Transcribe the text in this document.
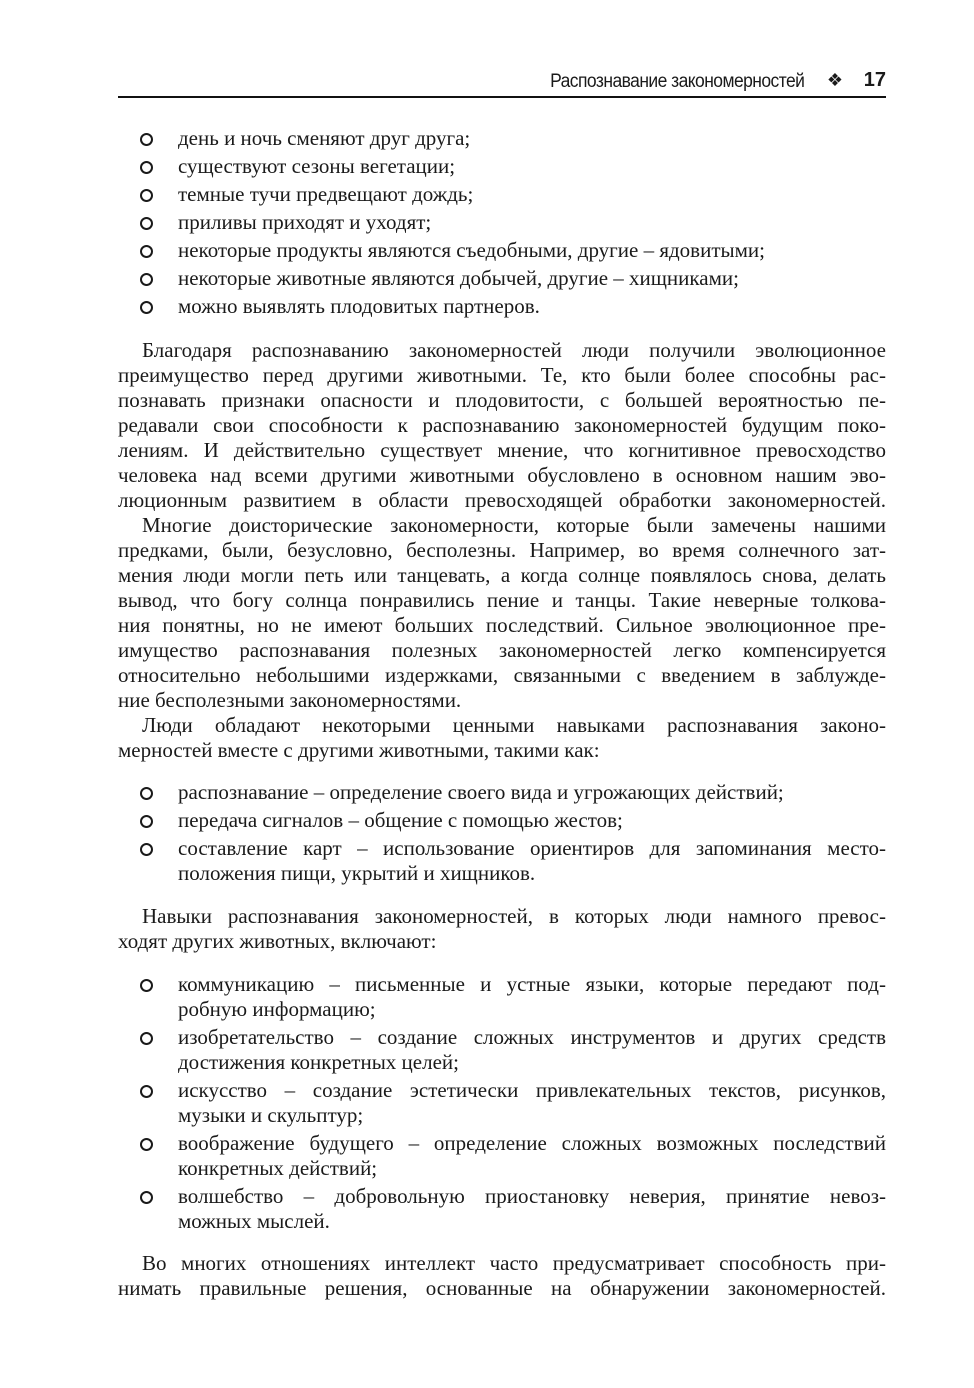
Распознавание закономерностей ❖ 17
день и ночь сменяют друг друга;
существуют сезоны вегетации;
темные тучи предвещают дождь;
приливы приходят и уходят;
некоторые продукты являются съедобными, другие – ядовитыми;
некоторые животные являются добычей, другие – хищниками;
можно выявлять плодовитых партнеров.
Благодаря распознаванию закономерностей люди получили эволюционное
преимущество перед другими животными. Те, кто были более способны рас-
познавать признаки опасности и плодовитости, с большей вероятностью пе-
редавали свои способности к распознаванию закономерностей будущим поко-
лениям. И действительно существует мнение, что когнитивное превосходство
человека над всеми другими животными обусловлено в основном нашим эво-
люционным развитием в области превосходящей обработки закономерностей.
Многие доисторические закономерности, которые были замечены нашими
предками, были, безусловно, бесполезны. Например, во время солнечного зат-
мения люди могли петь или танцевать, а когда солнце появлялось снова, делать
вывод, что богу солнца понравились пение и танцы. Такие неверные толкова-
ния понятны, но не имеют больших последствий. Сильное эволюционное пре-
имущество распознавания полезных закономерностей легко компенсируется
относительно небольшими издержками, связанными с введением в заблужде-
ние бесполезными закономерностями.
Люди обладают некоторыми ценными навыками распознавания законо-
мерностей вместе с другими животными, такими как:
распознавание – определение своего вида и угрожающих действий;
передача сигналов – общение с помощью жестов;
составление карт – использование ориентиров для запоминания место-
положения пищи, укрытий и хищников.
Навыки распознавания закономерностей, в которых люди намного превос-
ходят других животных, включают:
коммуникацию – письменные и устные языки, которые передают под-
робную информацию;
изобретательство – создание сложных инструментов и других средств
достижения конкретных целей;
искусство – создание эстетически привлекательных текстов, рисунков,
музыки и скульптур;
воображение будущего – определение сложных возможных последствий
конкретных действий;
волшебство – добровольную приостановку неверия, принятие невоз-
можных мыслей.
Во многих отношениях интеллект часто предусматривает способность при-
нимать правильные решения, основанные на обнаружении закономерностей.
